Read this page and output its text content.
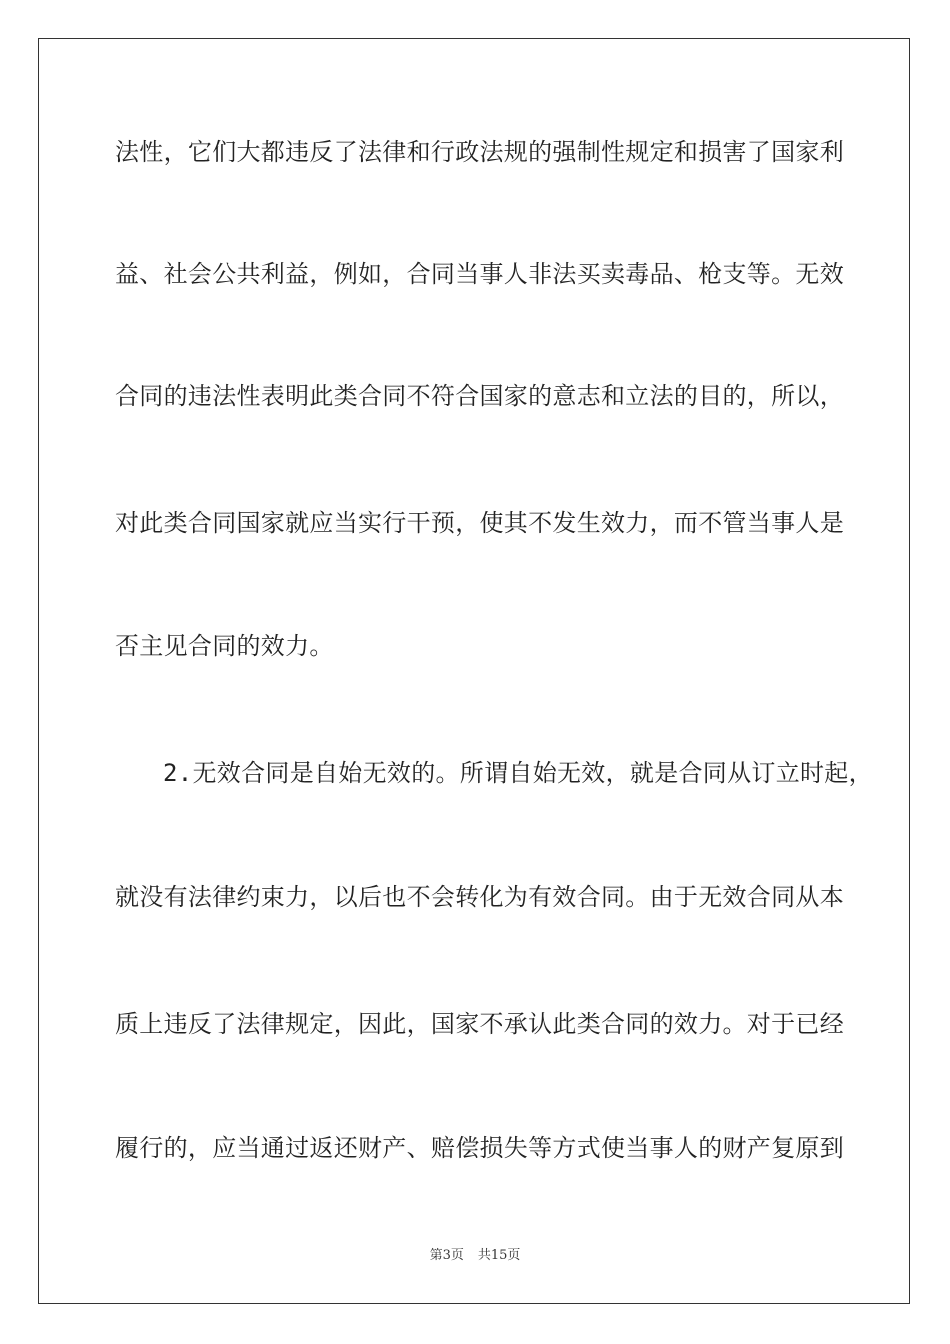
法性，它们大都违反了法律和行政法规的强制性规定和损害了国家利
益、社会公共利益，例如，合同当事人非法买卖毒品、枪支等。无效
合同的违法性表明此类合同不符合国家的意志和立法的目的，所以，
对此类合同国家就应当实行干预，使其不发生效力，而不管当事人是
否主见合同的效力。
2.无效合同是自始无效的。所谓自始无效，就是合同从订立时起，
就没有法律约束力，以后也不会转化为有效合同。由于无效合同从本
质上违反了法律规定，因此，国家不承认此类合同的效力。对于已经
履行的，应当通过返还财产、赔偿损失等方式使当事人的财产复原到
第3页 共15页
